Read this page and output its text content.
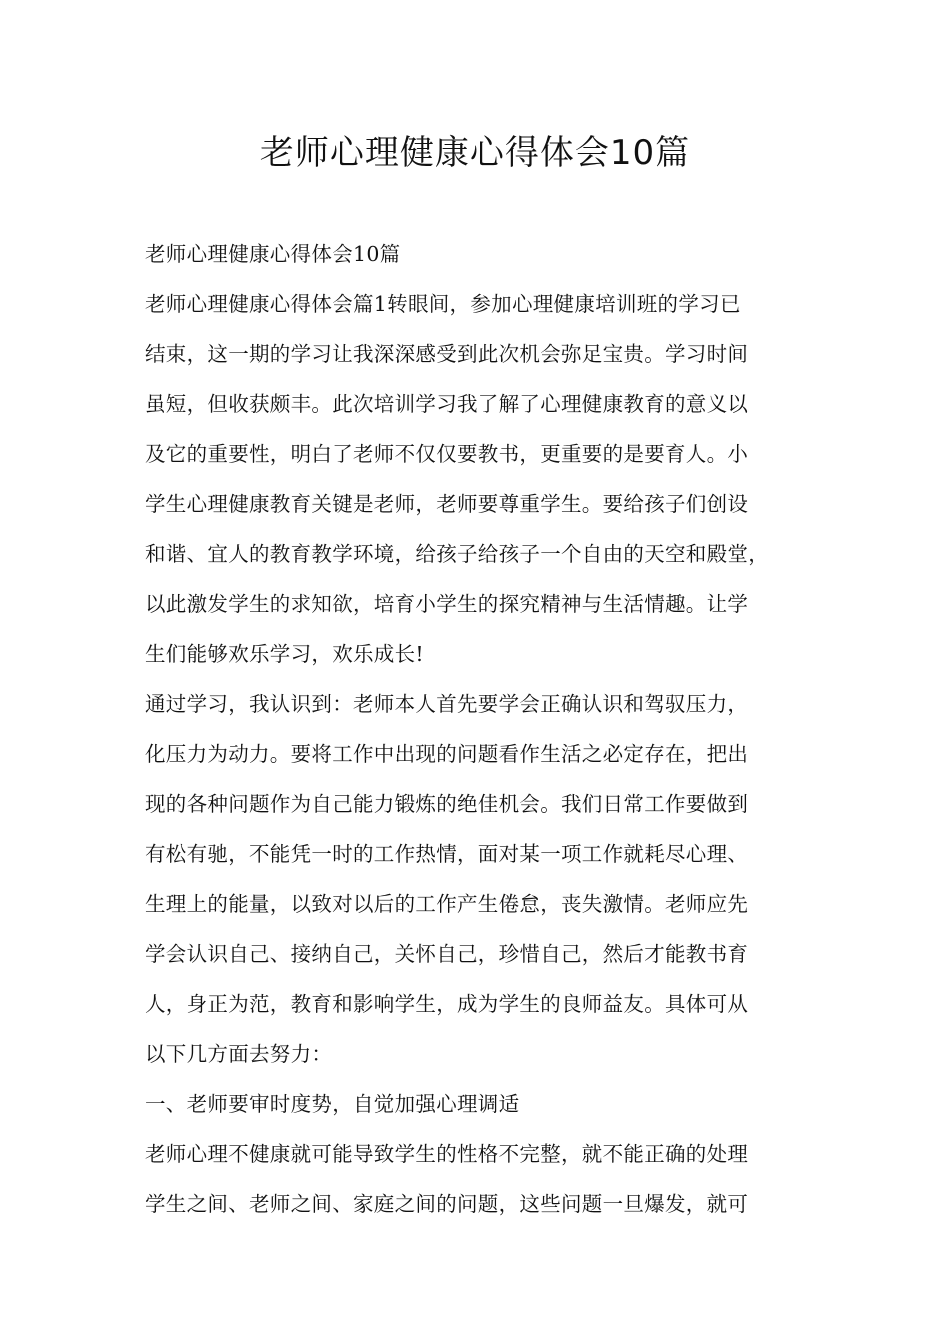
老师心理健康心得体会10篇
老师心理健康心得体会10篇
老师心理健康心得体会篇1转眼间，参加心理健康培训班的学习已
结束，这一期的学习让我深深感受到此次机会弥足宝贵。学习时间
虽短，但收获颇丰。此次培训学习我了解了心理健康教育的意义以
及它的重要性，明白了老师不仅仅要教书，更重要的是要育人。小
学生心理健康教育关键是老师，老师要尊重学生。要给孩子们创设
和谐、宜人的教育教学环境，给孩子给孩子一个自由的天空和殿堂，
以此激发学生的求知欲，培育小学生的探究精神与生活情趣。让学
生们能够欢乐学习，欢乐成长!
通过学习，我认识到：老师本人首先要学会正确认识和驾驭压力，
化压力为动力。要将工作中出现的问题看作生活之必定存在，把出
现的各种问题作为自己能力锻炼的绝佳机会。我们日常工作要做到
有松有驰，不能凭一时的工作热情，面对某一项工作就耗尽心理、
生理上的能量，以致对以后的工作产生倦怠，丧失激情。老师应先
学会认识自己、接纳自己，关怀自己，珍惜自己，然后才能教书育
人，身正为范，教育和影响学生，成为学生的良师益友。具体可从
以下几方面去努力：
一、老师要审时度势，自觉加强心理调适
老师心理不健康就可能导致学生的性格不完整，就不能正确的处理
学生之间、老师之间、家庭之间的问题，这些问题一旦爆发，就可
